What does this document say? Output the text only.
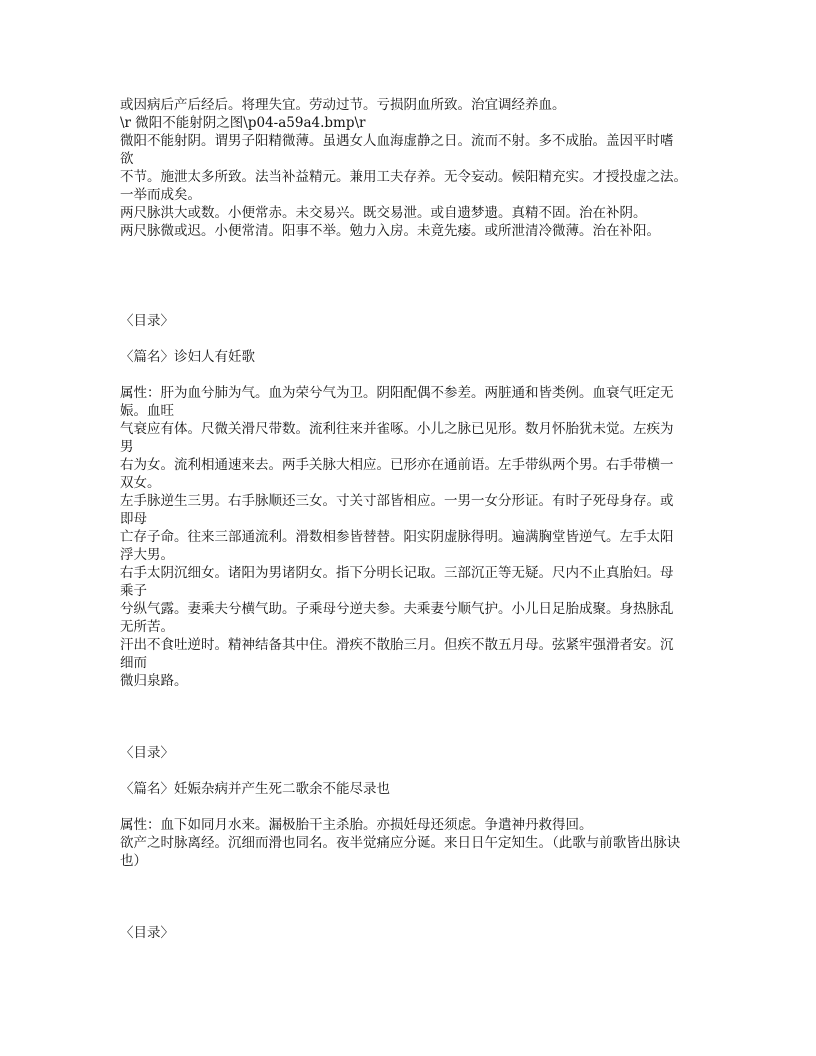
或因病后产后经后。将理失宜。劳动过节。亏损阴血所致。治宜调经养血。
\r 微阳不能射阴之图\p04-a59a4.bmp\r
微阳不能射阴。谓男子阳精微薄。虽遇女人血海虚静之日。流而不射。多不成胎。盖因平时嗜
欲
不节。施泄太多所致。法当补益精元。兼用工夫存养。无令妄动。候阳精充实。才授投虚之法。
一举而成矣。
两尺脉洪大或数。小便常赤。未交易兴。既交易泄。或自遗梦遗。真精不固。治在补阴。
两尺脉微或迟。小便常清。阳事不举。勉力入房。未竟先痿。或所泄清冷微薄。治在补阳。
〈目录〉
〈篇名〉诊妇人有妊歌
属性：肝为血兮肺为气。血为荣兮气为卫。阴阳配偶不参差。两脏通和皆类例。血衰气旺定无
娠。血旺
气衰应有体。尺微关滑尺带数。流利往来并雀啄。小儿之脉已见形。数月怀胎犹未觉。左疾为
男
右为女。流利相通速来去。两手关脉大相应。已形亦在通前语。左手带纵两个男。右手带横一
双女。
左手脉逆生三男。右手脉顺还三女。寸关寸部皆相应。一男一女分形证。有时子死母身存。或
即母
亡存子命。往来三部通流利。滑数相参皆替替。阳实阴虚脉得明。遍满胸堂皆逆气。左手太阳
浮大男。
右手太阴沉细女。诸阳为男诸阴女。指下分明长记取。三部沉正等无疑。尺内不止真胎妇。母
乘子
兮纵气露。妻乘夫兮横气助。子乘母兮逆夫参。夫乘妻兮顺气护。小儿日足胎成聚。身热脉乱
无所苦。
汗出不食吐逆时。精神结备其中住。滑疾不散胎三月。但疾不散五月母。弦紧牢强滑者安。沉
细而
微归泉路。
〈目录〉
〈篇名〉妊娠杂病并产生死二歌余不能尽录也
属性：血下如同月水来。漏极胎干主杀胎。亦损妊母还须虑。争遣神丹救得回。
欲产之时脉离经。沉细而滑也同名。夜半觉痛应分诞。来日日午定知生。（此歌与前歌皆出脉诀
也）
〈目录〉
